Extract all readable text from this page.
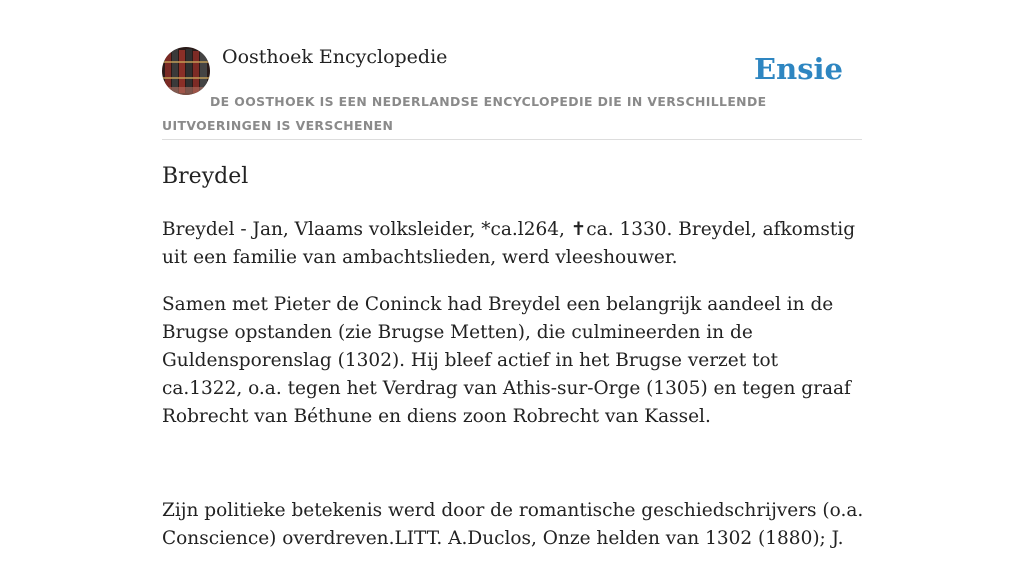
Oosthoek Encyclopedie	Ensie
DE OOSTHOEK IS EEN NEDERLANDSE ENCYCLOPEDIE DIE IN VERSCHILLENDE UITVOERINGEN IS VERSCHENEN
Breydel

Breydel - Jan, Vlaams volksleider, *ca.l264, ✝ca. 1330. Breydel, afkomstig uit een familie van ambachtslieden, werd vleeshouwer.

Samen met Pieter de Coninck had Breydel een belangrijk aandeel in de Brugse opstanden (zie Brugse Metten), die culmineerden in de Guldensporenslag (1302). Hij bleef actief in het Brugse verzet tot ca.1322, o.a. tegen het Verdrag van Athis-sur-Orge (1305) en tegen graaf Robrecht van Béthune en diens zoon Robrecht van Kassel.

Zijn politieke betekenis werd door de romantische geschiedschrijvers (o.a. Conscience) overdreven.LITT. A.Duclos, Onze helden van 1302 (1880); J.
